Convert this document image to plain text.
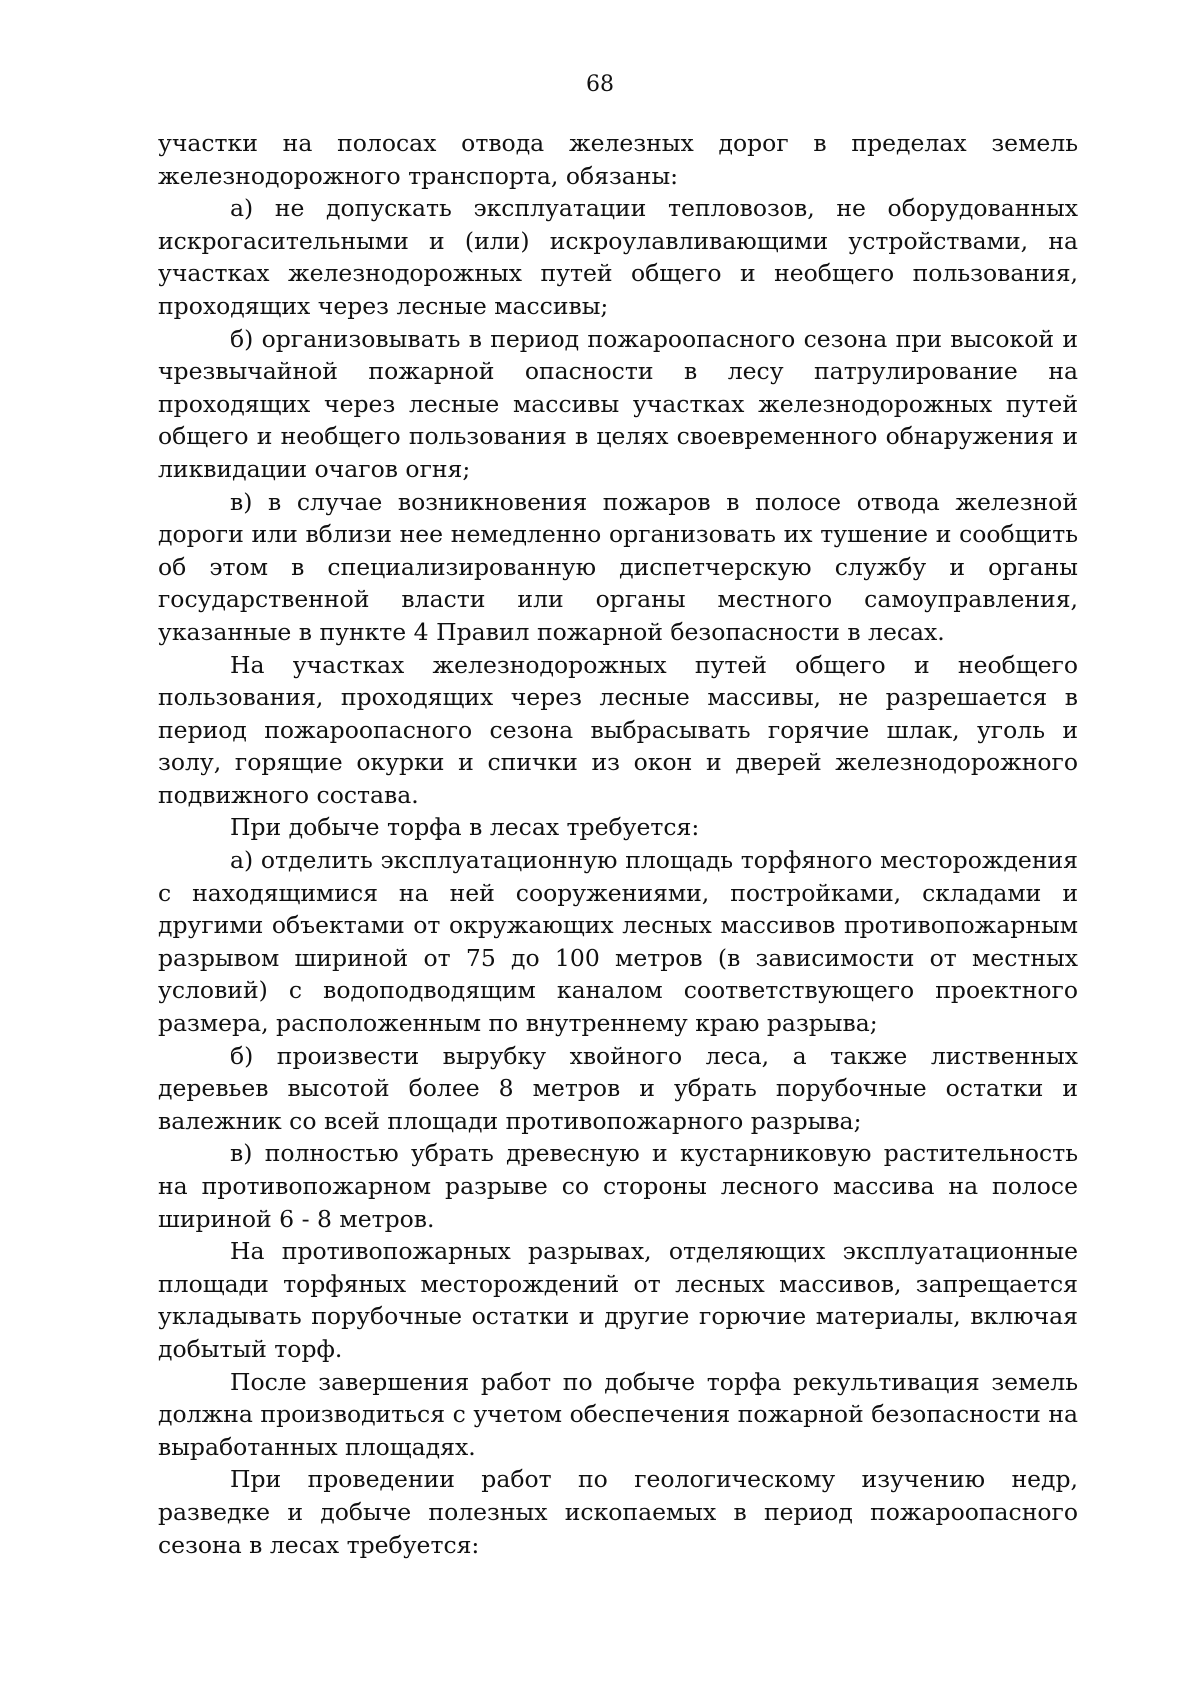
68

участки на полосах отвода железных дорог в пределах земель железнодорожного транспорта, обязаны:

а) не допускать эксплуатации тепловозов, не оборудованных искрогасительными и (или) искроулавливающими устройствами, на участках железнодорожных путей общего и необщего пользования, проходящих через лесные массивы;

б) организовывать в период пожароопасного сезона при высокой и чрезвычайной пожарной опасности в лесу патрулирование на проходящих через лесные массивы участках железнодорожных путей общего и необщего пользования в целях своевременного обнаружения и ликвидации очагов огня;

в) в случае возникновения пожаров в полосе отвода железной дороги или вблизи нее немедленно организовать их тушение и сообщить об этом в специализированную диспетчерскую службу и органы государственной власти или органы местного самоуправления, указанные в пункте 4 Правил пожарной безопасности в лесах.

На участках железнодорожных путей общего и необщего пользования, проходящих через лесные массивы, не разрешается в период пожароопасного сезона выбрасывать горячие шлак, уголь и золу, горящие окурки и спички из окон и дверей железнодорожного подвижного состава.

При добыче торфа в лесах требуется:

а) отделить эксплуатационную площадь торфяного месторождения с находящимися на ней сооружениями, постройками, складами и другими объектами от окружающих лесных массивов противопожарным разрывом шириной от 75 до 100 метров (в зависимости от местных условий) с водоподводящим каналом соответствующего проектного размера, расположенным по внутреннему краю разрыва;

б) произвести вырубку хвойного леса, а также лиственных деревьев высотой более 8 метров и убрать порубочные остатки и валежник со всей площади противопожарного разрыва;

в) полностью убрать древесную и кустарниковую растительность на противопожарном разрыве со стороны лесного массива на полосе шириной 6 - 8 метров.

На противопожарных разрывах, отделяющих эксплуатационные площади торфяных месторождений от лесных массивов, запрещается укладывать порубочные остатки и другие горючие материалы, включая добытый торф.

После завершения работ по добыче торфа рекультивация земель должна производиться с учетом обеспечения пожарной безопасности на выработанных площадях.

При проведении работ по геологическому изучению недр, разведке и добыче полезных ископаемых в период пожароопасного сезона в лесах требуется:
